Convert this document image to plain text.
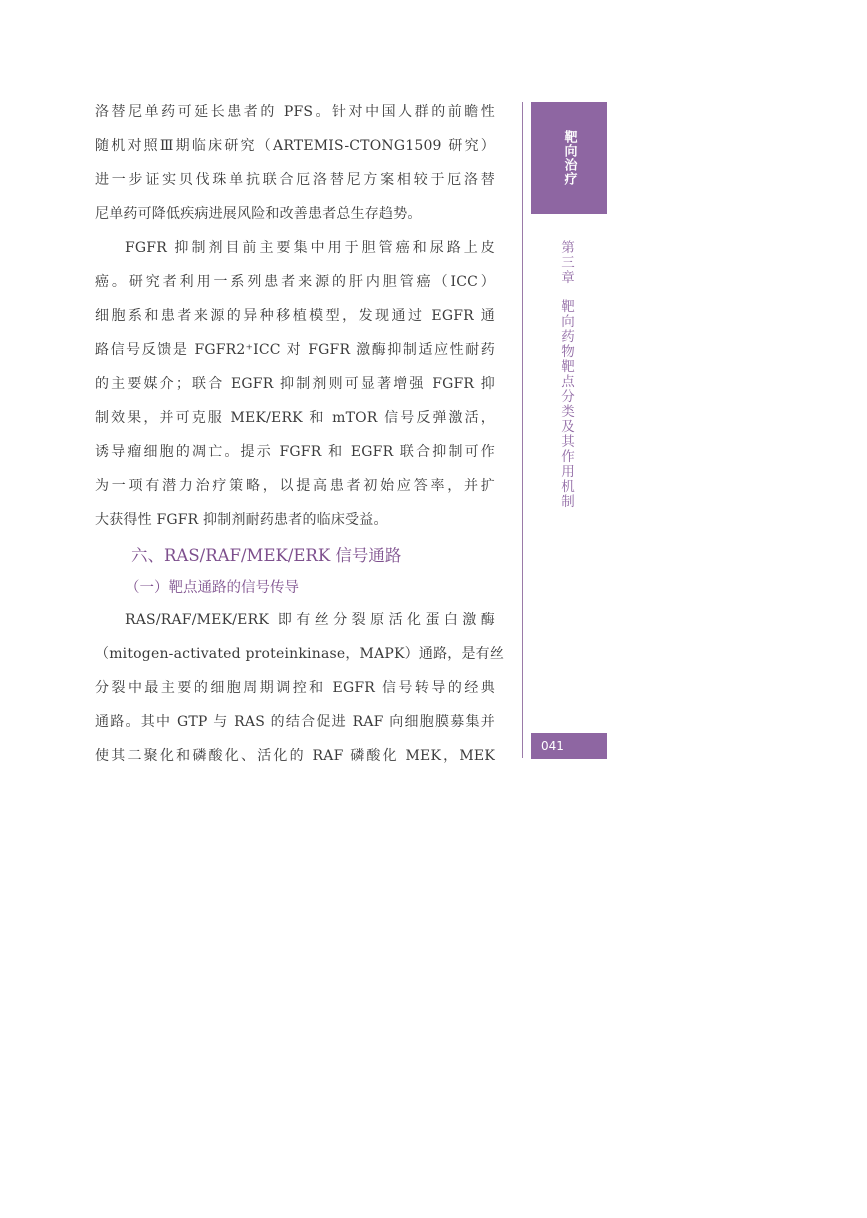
洛替尼单药可延长患者的 PFS。针对中国人群的前瞻性
随机对照Ⅲ期临床研究（ARTEMIS-CTONG1509 研究）
进一步证实贝伐珠单抗联合厄洛替尼方案相较于厄洛替
尼单药可降低疾病进展风险和改善患者总生存趋势。
FGFR 抑制剂目前主要集中用于胆管癌和尿路上皮
癌。研究者利用一系列患者来源的肝内胆管癌（ICC）
细胞系和患者来源的异种移植模型，发现通过 EGFR 通
路信号反馈是 FGFR2⁺ICC 对 FGFR 激酶抑制适应性耐药
的主要媒介；联合 EGFR 抑制剂则可显著增强 FGFR 抑
制效果，并可克服 MEK/ERK 和 mTOR 信号反弹激活，
诱导瘤细胞的凋亡。提示 FGFR 和 EGFR 联合抑制可作
为一项有潜力治疗策略，以提高患者初始应答率，并扩
大获得性 FGFR 抑制剂耐药患者的临床受益。
六、RAS/RAF/MEK/ERK 信号通路
（一）靶点通路的信号传导
RAS/RAF/MEK/ERK 即有丝分裂原活化蛋白激酶
（mitogen-activated proteinkinase，MAPK）通路，是有丝
分裂中最主要的细胞周期调控和 EGFR 信号转导的经典
通路。其中 GTP 与 RAS 的结合促进 RAF 向细胞膜募集并
使其二聚化和磷酸化、活化的 RAF 磷酸化 MEK，MEK
靶向治疗
第三章靶向药物靶点分类及其作用机制
041
